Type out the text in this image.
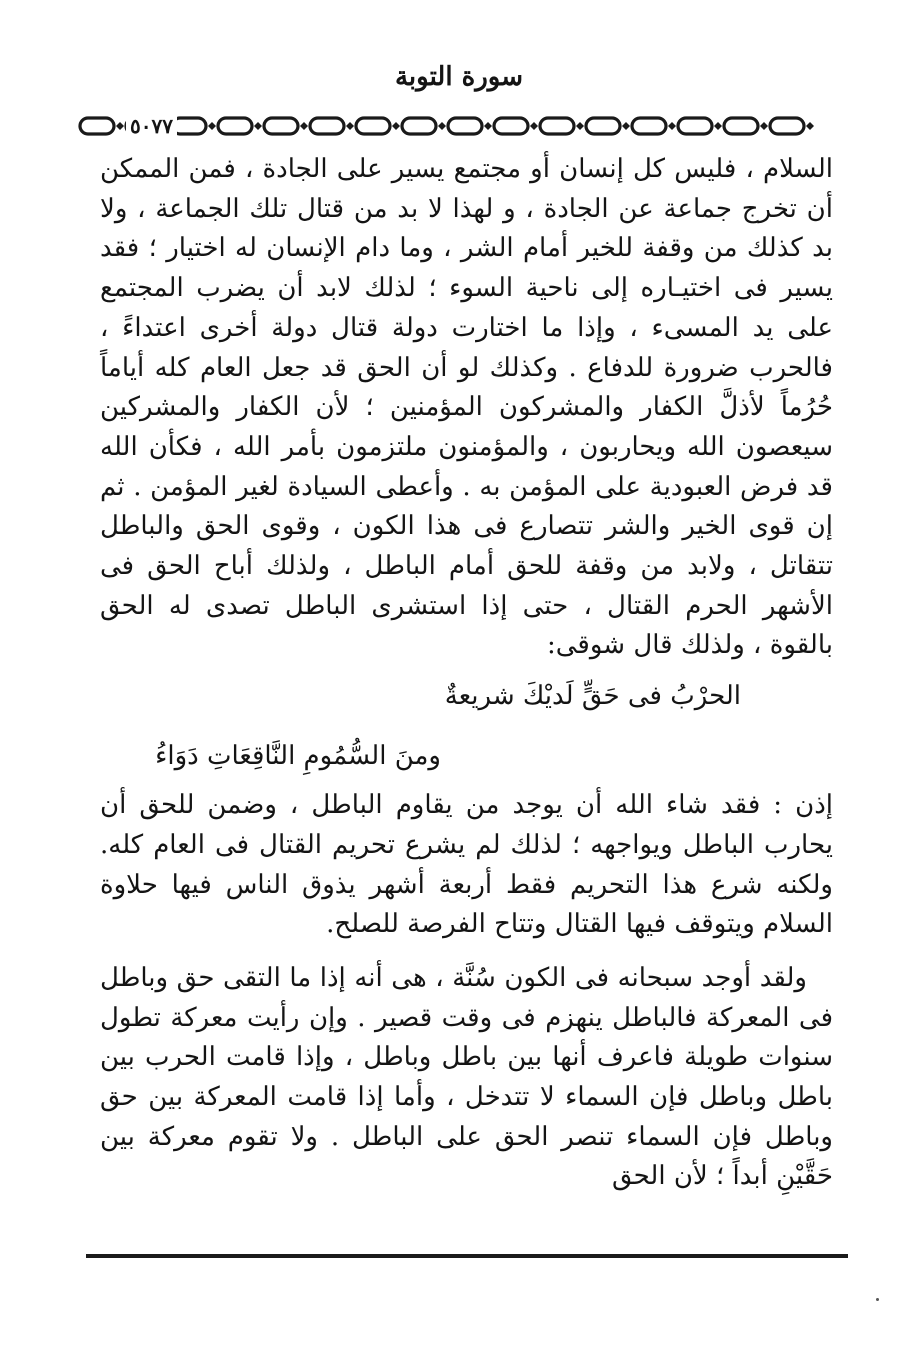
سورة التوبة
٥٠٧٧

السلام ، فليس كل إنسان أو مجتمع يسير على الجادة ، فمن الممكن أن تخرج جماعة عن الجادة ، و لهذا لا بد من قتال تلك الجماعة ، ولا بد كذلك من وقفة للخير أمام الشر ، وما دام الإنسان له اختيار ؛ فقد يسير فى اختيـاره إلى ناحية السوء ؛ لذلك لابد أن يضرب المجتمع على يد المسىء ، وإذا ما اختارت دولة قتال دولة أخرى اعتداءً ، فالحرب ضرورة للدفاع . وكذلك لو أن الحق قد جعل العام كله أياماً حُرُماً لأذلَّ الكفار والمشركون المؤمنين ؛ لأن الكفار والمشركين سيعصون الله ويحاربون ، والمؤمنون ملتزمون بأمر الله ، فكأن الله قد فرض العبودية على المؤمن به . وأعطى السيادة لغير المؤمن . ثم إن قوى الخير والشر تتصارع فى هذا الكون ، وقوى الحق والباطل تتقاتل ، ولابد من وقفة للحق أمام الباطل ، ولذلك أباح الحق فى الأشهر الحرم القتال ، حتى إذا استشرى الباطل تصدى له الحق بالقوة ، ولذلك قال شوقى:

الحرْبُ فى حَقٍّ لَديْكَ شريعةٌ

ومنَ السُّمُومِ النَّاقِعَاتِ دَوَاءُ

إذن : فقد شاء الله أن يوجد من يقاوم الباطل ، وضمن للحق أن يحارب الباطل ويواجهه ؛ لذلك لم يشرع تحريم القتال فى العام كله. ولكنه شرع هذا التحريم فقط أربعة أشهر يذوق الناس فيها حلاوة السلام ويتوقف فيها القتال وتتاح الفرصة للصلح.

ولقد أوجد سبحانه فى الكون سُنَّة ، هى أنه إذا ما التقى حق وباطل فى المعركة فالباطل ينهزم فى وقت قصير . وإن رأيت معركة تطول سنوات طويلة فاعرف أنها بين باطل وباطل ، وإذا قامت الحرب بين باطل وباطل فإن السماء لا تتدخل ، وأما إذا قامت المعركة بين حق وباطل فإن السماء تنصر الحق على الباطل . ولا تقوم معركة بين حَقَّيْنِ أبداً ؛ لأن الحق
